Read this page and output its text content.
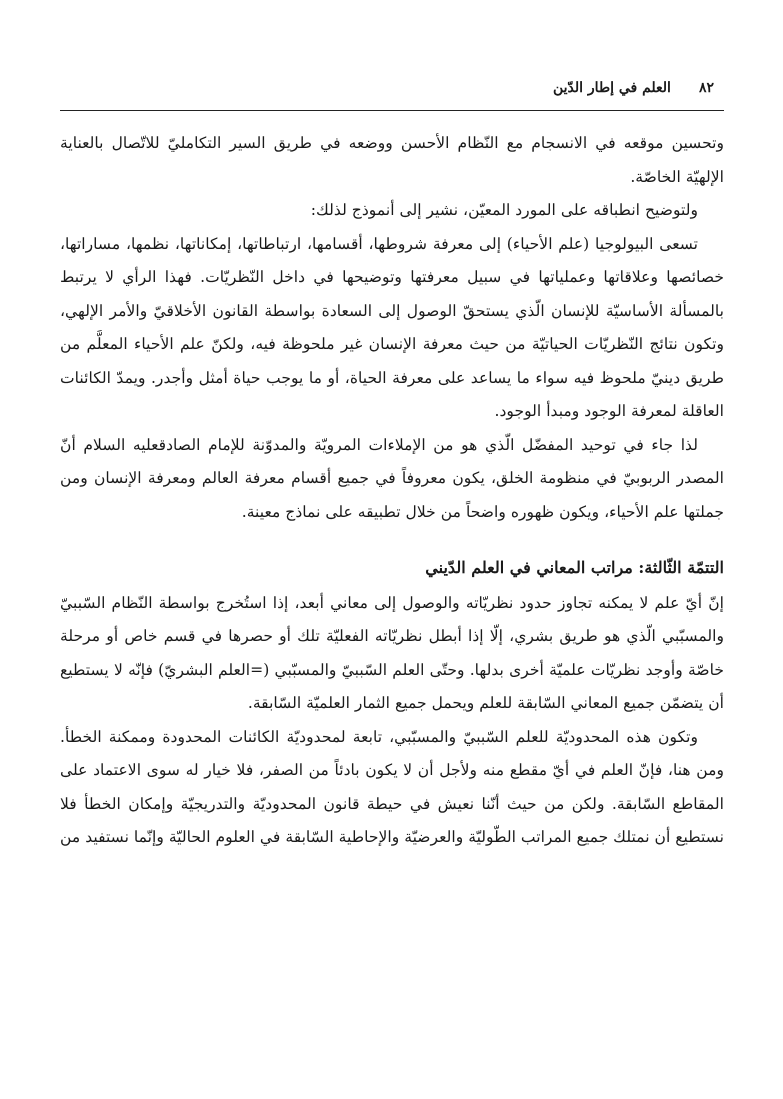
٨٢
العلم في إطار الدّين

وتحسين موقعه في الانسجام مع النّظام الأحسن ووضعه في طريق السير التكامليّ للاتّصال بالعناية الإلهيّة الخاصّة.

ولتوضيح انطباقه على المورد المعيّن، نشير إلى أنموذج لذلك:

تسعى البيولوجيا (علم الأحياء) إلى معرفة شروطها، أقسامها، ارتباطاتها، إمكاناتها، نظمها، مساراتها، خصائصها وعلاقاتها وعملياتها في سبيل معرفتها وتوضيحها في داخل النّظريّات. فهذا الرأي لا يرتبط بالمسألة الأساسيّة للإنسان الّذي يستحقّ الوصول إلى السعادة بواسطة القانون الأخلاقيّ والأمر الإلهي، وتكون نتائج النّظريّات الحياتيّة من حيث معرفة الإنسان غير ملحوظة فيه، ولكنّ علم الأحياء المعلَّم من طريق دينيّ ملحوظ فيه سواء ما يساعد على معرفة الحياة، أو ما يوجب حياة أمثل وأجدر. ويمدّ الكائنات العاقلة لمعرفة الوجود ومبدأ الوجود.

لذا جاء في توحيد المفضّل الّذي هو من الإملاءات المرويّة والمدوّنة للإمام الصادقعليه السلام أنّ المصدر الربوبيّ في منظومة الخلق، يكون معروفاً في جميع أقسام معرفة العالم ومعرفة الإنسان ومن جملتها علم الأحياء، ويكون ظهوره واضحاً من خلال تطبيقه على نماذج معينة.

التتمّة الثّالثة: مراتب المعاني في العلم الدّيني

إنّ أيّ علم لا يمكنه تجاوز حدود نظريّاته والوصول إلى معاني أبعد، إذا استُخرج بواسطة النّظام السّببيّ والمسبّبي الّذي هو طريق بشري، إلّا إذا أبطل نظريّاته الفعليّة تلك أو حصرها في قسم خاص أو مرحلة خاصّة وأوجد نظريّات علميّة أخرى بدلها. وحتّى العلم السّببيّ والمسبّبي (=العلم البشريّ) فإنّه لا يستطيع أن يتضمّن جميع المعاني السّابقة للعلم ويحمل جميع الثمار العلميّة السّابقة.

وتكون هذه المحدوديّة للعلم السّببيّ والمسبّبي، تابعة لمحدوديّة الكائنات المحدودة وممكنة الخطأ. ومن هنا، فإنّ العلم في أيّ مقطع منه ولأجل أن لا يكون بادئاً من الصفر، فلا خيار له سوى الاعتماد على المقاطع السّابقة. ولكن من حيث أنّنا نعيش في حيطة قانون المحدوديّة والتدريجيّة وإمكان الخطأ فلا نستطيع أن نمتلك جميع المراتب الطّوليّة والعرضيّة والإحاطية السّابقة في العلوم الحاليّة وإنّما نستفيد من
